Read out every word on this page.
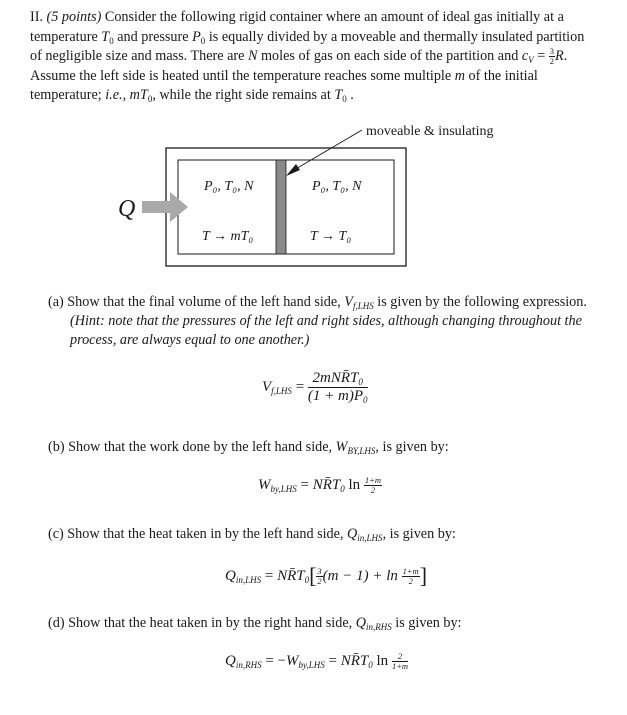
II. (5 points) Consider the following rigid container where an amount of ideal gas initially at a temperature $T_0$ and pressure $P_0$ is equally divided by a moveable and thermally insulated partition of negligible size and mass. There are N moles of gas on each side of the partition and $c_V = \frac{3}{2} R$. Assume the left side is heated until the temperature reaches some multiple m of the initial temperature; i.e., $mT_0$, while the right side remains at $T_0$ .

moveable & insulating
Q
P₀, T₀, N	P₀, T₀, N
T → mT₀	T → T₀
(a) Show that the final volume of the left hand side, $V_{f,LHS}$ is given by the following expression.
(Hint: note that the pressures of the left and right sides, although changing throughout the process, are always equal to one another.)
$V_{f,LHS} = \frac{2mNR̄T_0}{(1 + m)P_0}$
(b) Show that the work done by the left hand side, $W_{BY,LHS}$, is given by:
$W_{by,LHS}$ = $NR̄T_0$ $\ln \frac{1+m}{2}$
(c) Show that the heat taken in by the left hand side, $Q_{in,LHS}$, is given by:
$Q_{in,LHS}$ = $NR̄T_0[ \frac{3}{2} (m - 1) + \ln \frac{1+m}{2}$ ]
(d) Show that the heat taken in by the right hand side, $Q_{in,RHS}$ is given by:
$Q_{in,RHS} = -W_{by,LHS}$ = $NR̄T_0$ $\ln \frac{2}{1+m}$
